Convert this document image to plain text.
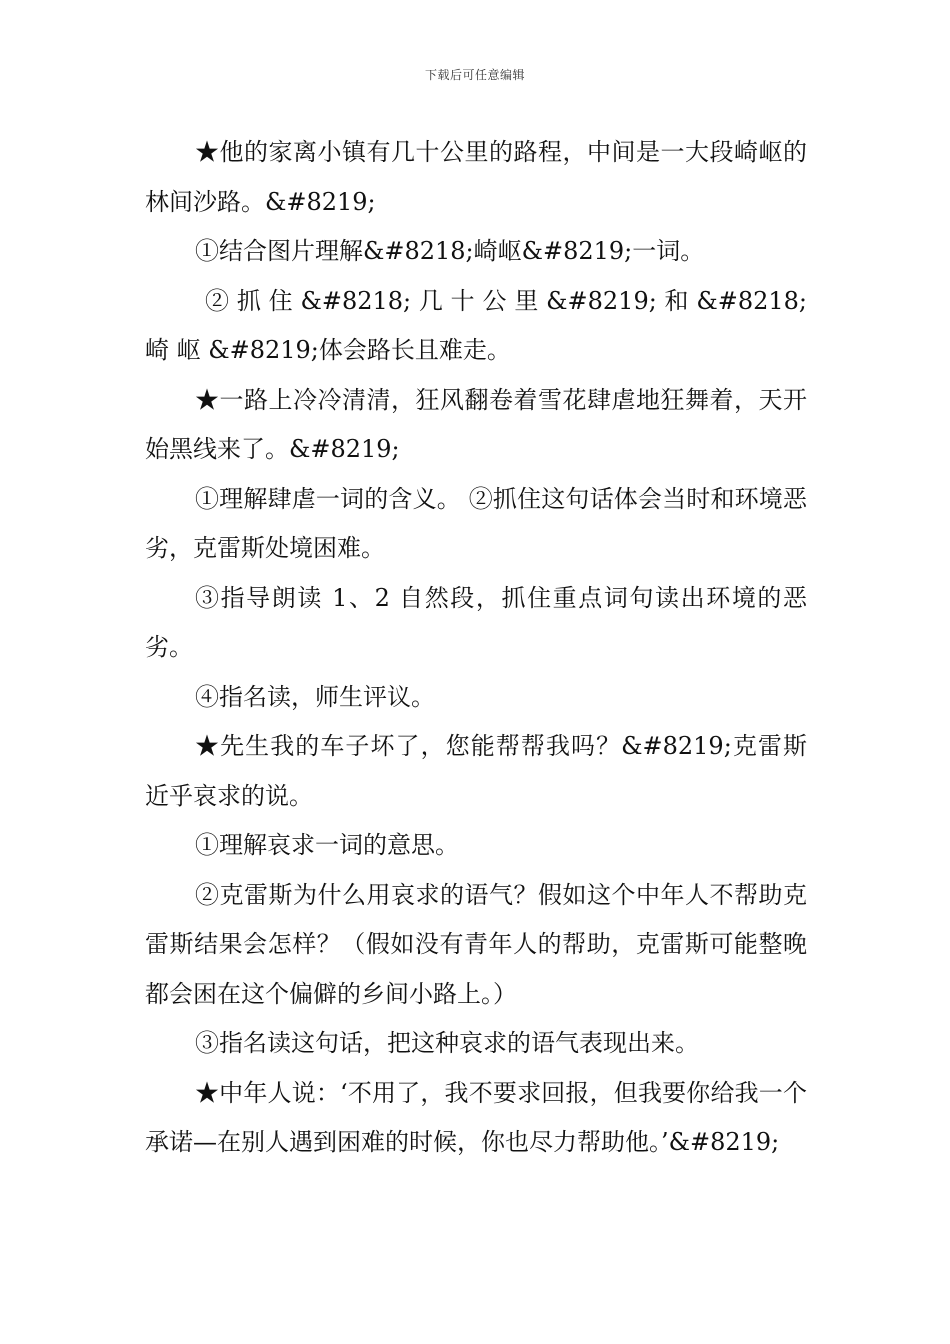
下载后可任意编辑

★他的家离小镇有几十公里的路程，中间是一大段崎岖的林间沙路。&#8219;

①结合图片理解&#8218;崎岖&#8219;一词。

② 抓 住 &#8218; 几 十 公 里 &#8219; 和 &#8218; 崎 岖 &#8219;体会路长且难走。

★一路上冷冷清清，狂风翻卷着雪花肆虐地狂舞着，天开始黑线来了。&#8219;

①理解肆虐一词的含义。 ②抓住这句话体会当时和环境恶劣，克雷斯处境困难。

③指导朗读 1、2 自然段，抓住重点词句读出环境的恶劣。

④指名读，师生评议。

★先生我的车子坏了，您能帮帮我吗？&#8219;克雷斯近乎哀求的说。

①理解哀求一词的意思。

②克雷斯为什么用哀求的语气？假如这个中年人不帮助克雷斯结果会怎样？（假如没有青年人的帮助，克雷斯可能整晚都会困在这个偏僻的乡间小路上。）

③指名读这句话，把这种哀求的语气表现出来。

★中年人说：‘不用了，我不要求回报，但我要你给我一个承诺—在别人遇到困难的时候，你也尽力帮助他。’&#8219;
